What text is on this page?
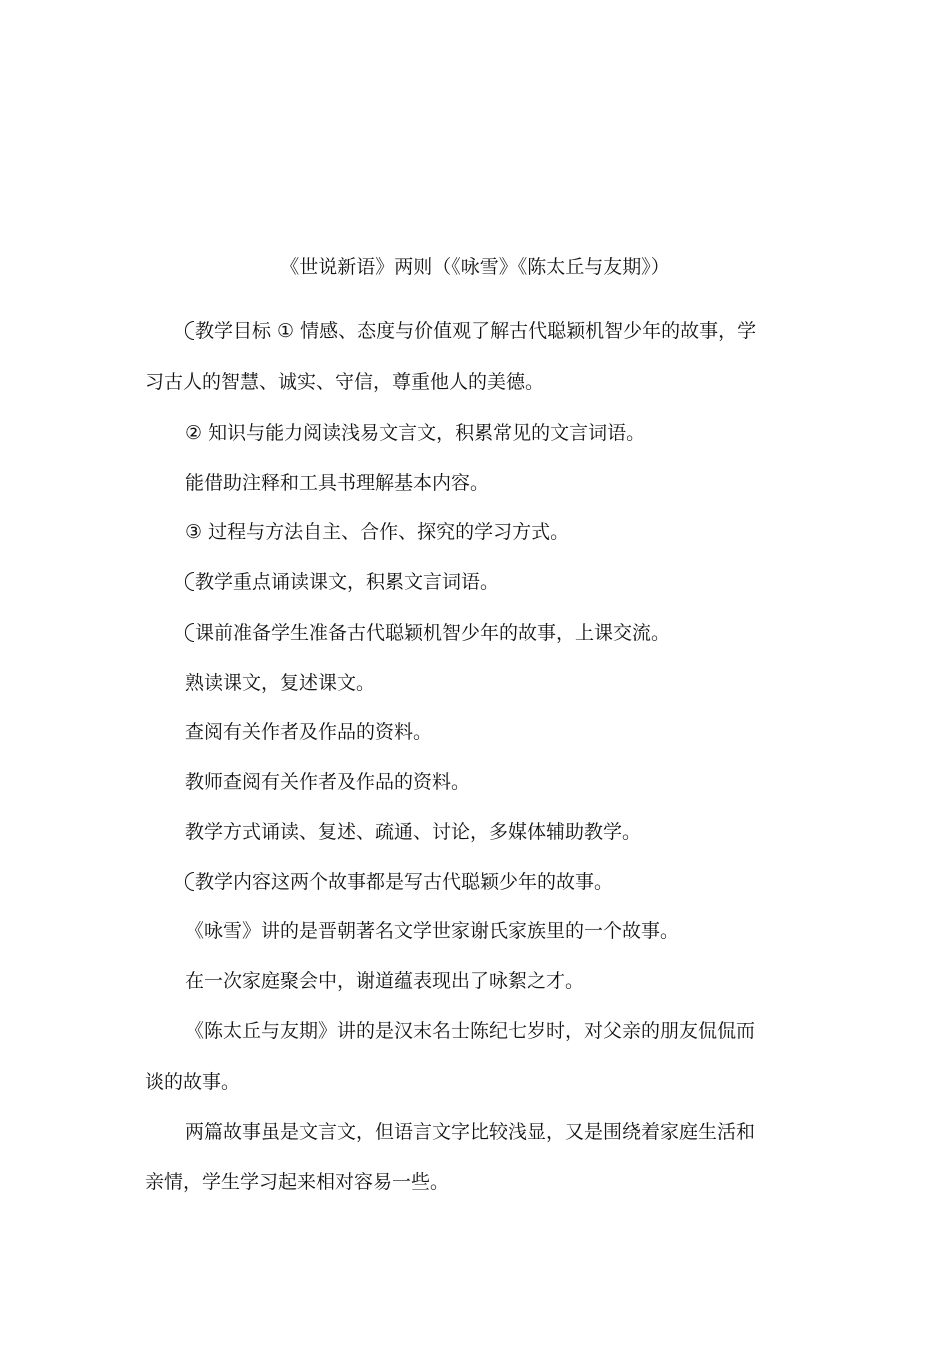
《世说新语》两则（《咏雪》《陈太丘与友期》）
教学目标 ① 情感、态度与价值观了解古代聪颖机智少年的故事，学
习古人的智慧、诚实、守信，尊重他人的美德。
② 知识与能力阅读浅易文言文，积累常见的文言词语。
能借助注释和工具书理解基本内容。
③ 过程与方法自主、合作、探究的学习方式。
教学重点诵读课文，积累文言词语。
课前准备学生准备古代聪颖机智少年的故事，上课交流。
熟读课文，复述课文。
查阅有关作者及作品的资料。
教师查阅有关作者及作品的资料。
教学方式诵读、复述、疏通、讨论，多媒体辅助教学。
教学内容这两个故事都是写古代聪颖少年的故事。
《咏雪》讲的是晋朝著名文学世家谢氏家族里的一个故事。
在一次家庭聚会中，谢道蕴表现出了咏絮之才。
《陈太丘与友期》讲的是汉末名士陈纪七岁时，对父亲的朋友侃侃而
谈的故事。
两篇故事虽是文言文，但语言文字比较浅显，又是围绕着家庭生活和
亲情，学生学习起来相对容易一些。
